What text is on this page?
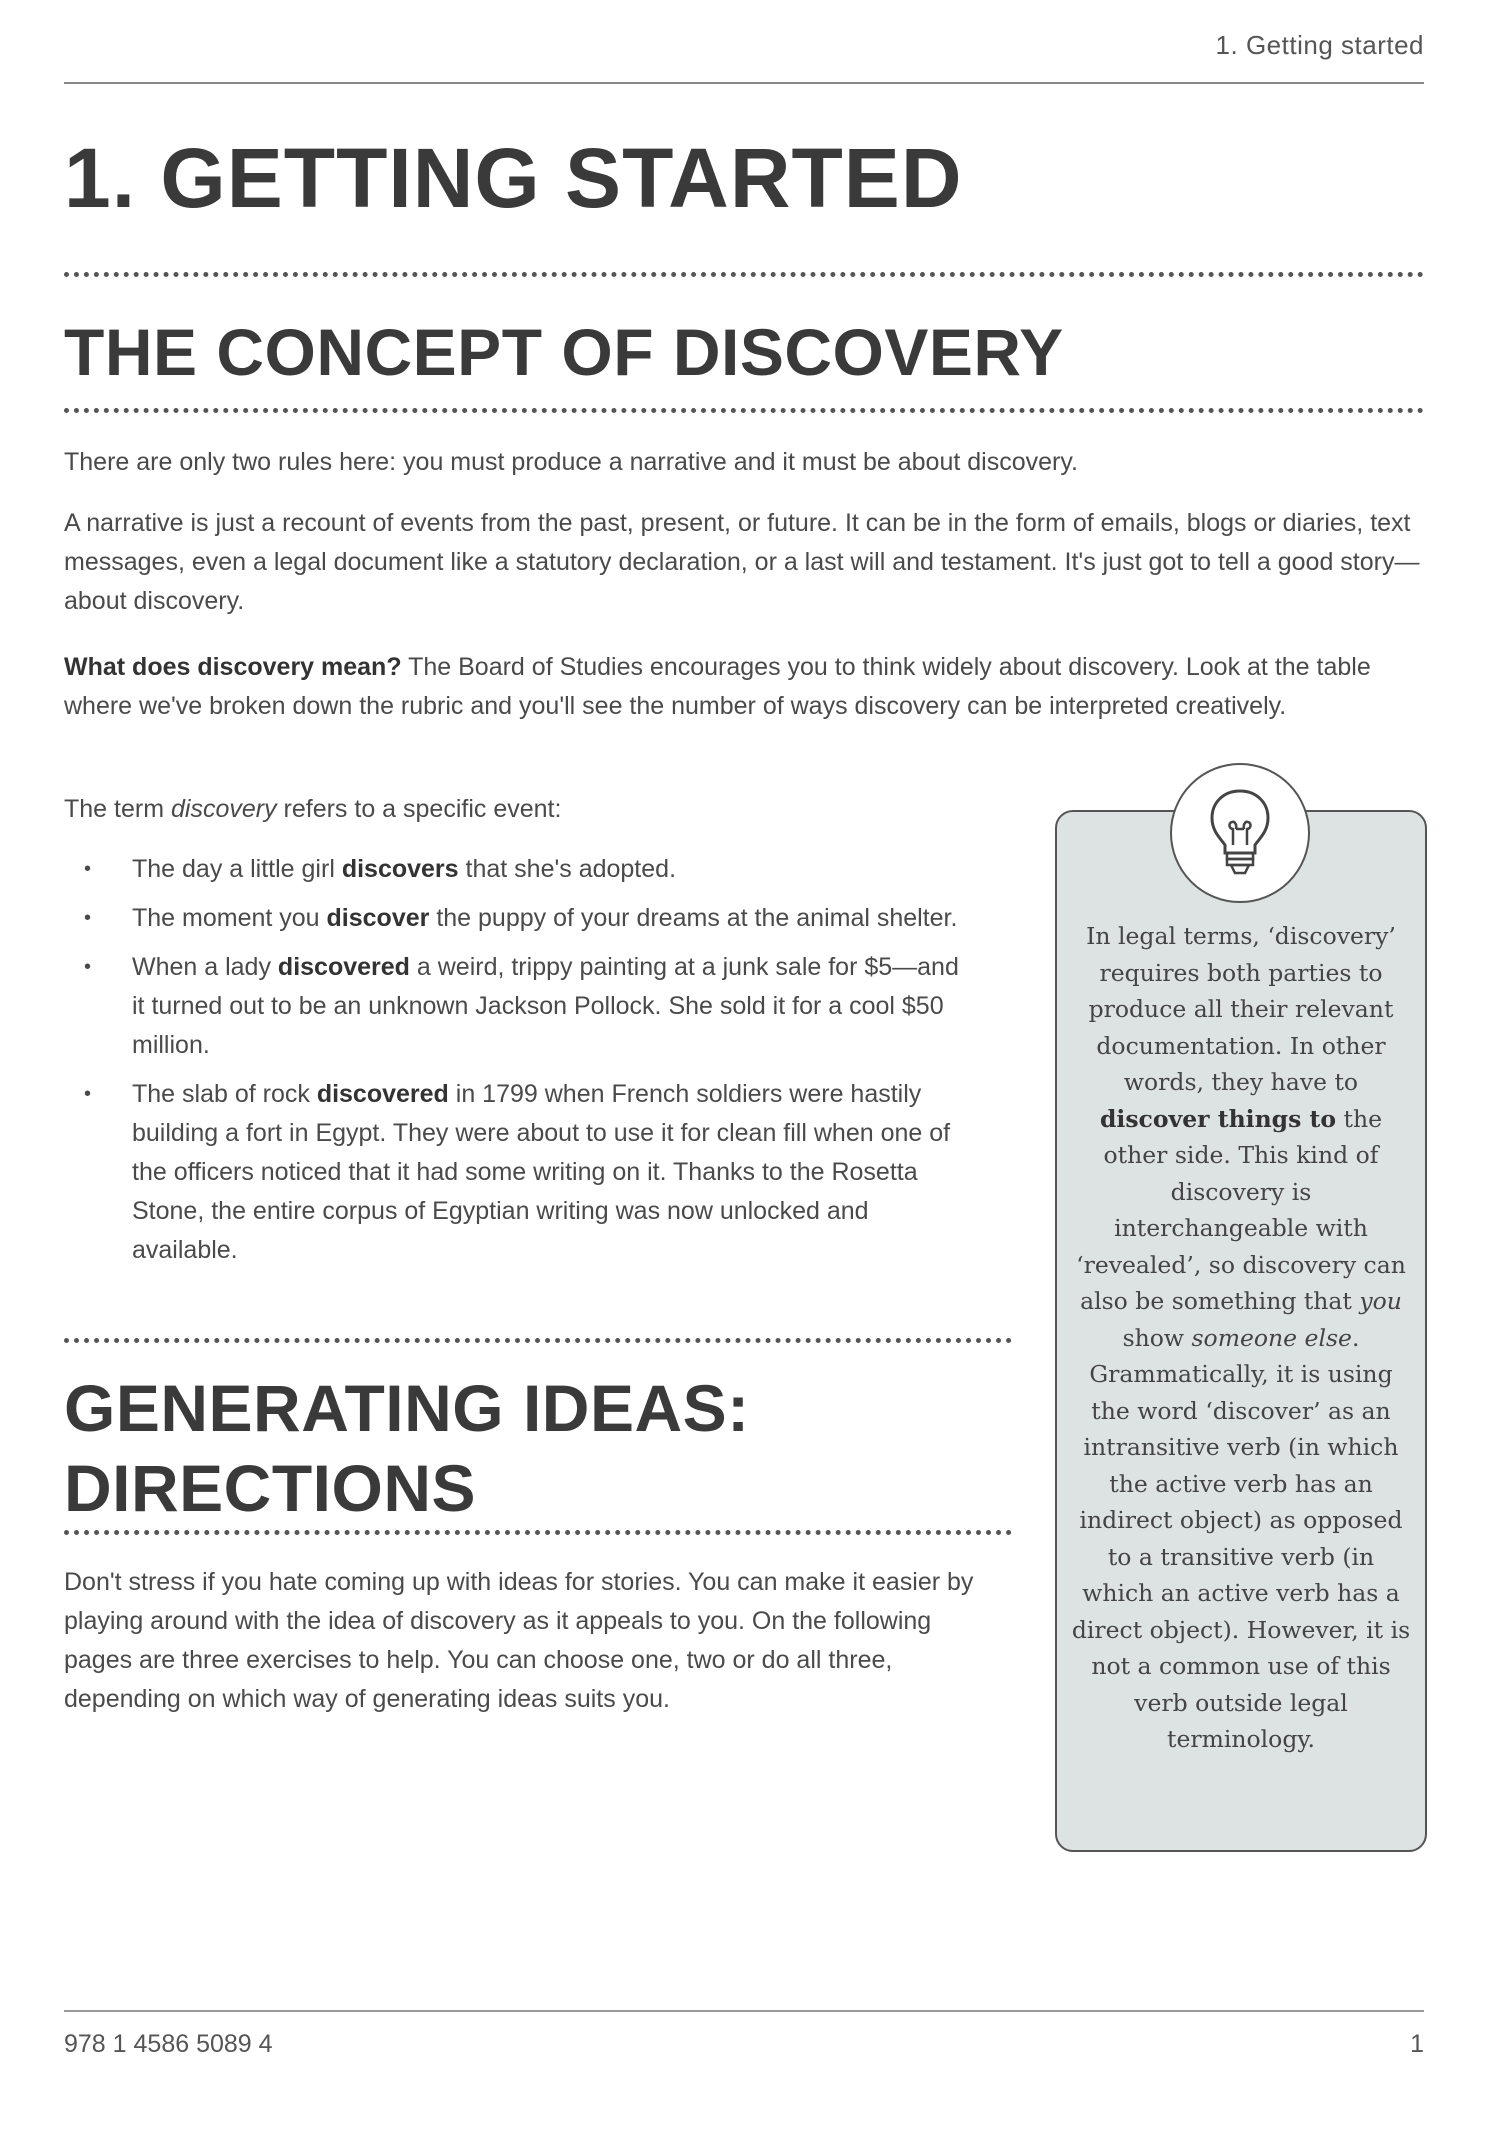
1. Getting started
1. GETTING STARTED
THE CONCEPT OF DISCOVERY

There are only two rules here: you must produce a narrative and it must be about discovery.

A narrative is just a recount of events from the past, present, or future. It can be in the form of emails, blogs or diaries, text messages, even a legal document like a statutory declaration, or a last will and testament. It's just got to tell a good story—about discovery.

What does discovery mean? The Board of Studies encourages you to think widely about discovery. Look at the table where we've broken down the rubric and you'll see the number of ways discovery can be interpreted creatively.

The term discovery refers to a specific event:

• The day a little girl discovers that she's adopted.
• The moment you discover the puppy of your dreams at the animal shelter.
• When a lady discovered a weird, trippy painting at a junk sale for $5—and it turned out to be an unknown Jackson Pollock. She sold it for a cool $50 million.
• The slab of rock discovered in 1799 when French soldiers were hastily building a fort in Egypt. They were about to use it for clean fill when one of the officers noticed that it had some writing on it. Thanks to the Rosetta Stone, the entire corpus of Egyptian writing was now unlocked and available.
GENERATING IDEAS:
DIRECTIONS

Don't stress if you hate coming up with ideas for stories. You can make it easier by playing around with the idea of discovery as it appeals to you. On the following pages are three exercises to help. You can choose one, two or do all three, depending on which way of generating ideas suits you.

In legal terms, ‘discovery’ requires both parties to produce all their relevant documentation. In other words, they have to discover things to the other side. This kind of discovery is interchangeable with ‘revealed’, so discovery can also be something that you show someone else. Grammatically, it is using the word ‘discover’ as an intransitive verb (in which the active verb has an indirect object) as opposed to a transitive verb (in which an active verb has a direct object). However, it is not a common use of this verb outside legal terminology.

978 1 4586 5089 4	1
